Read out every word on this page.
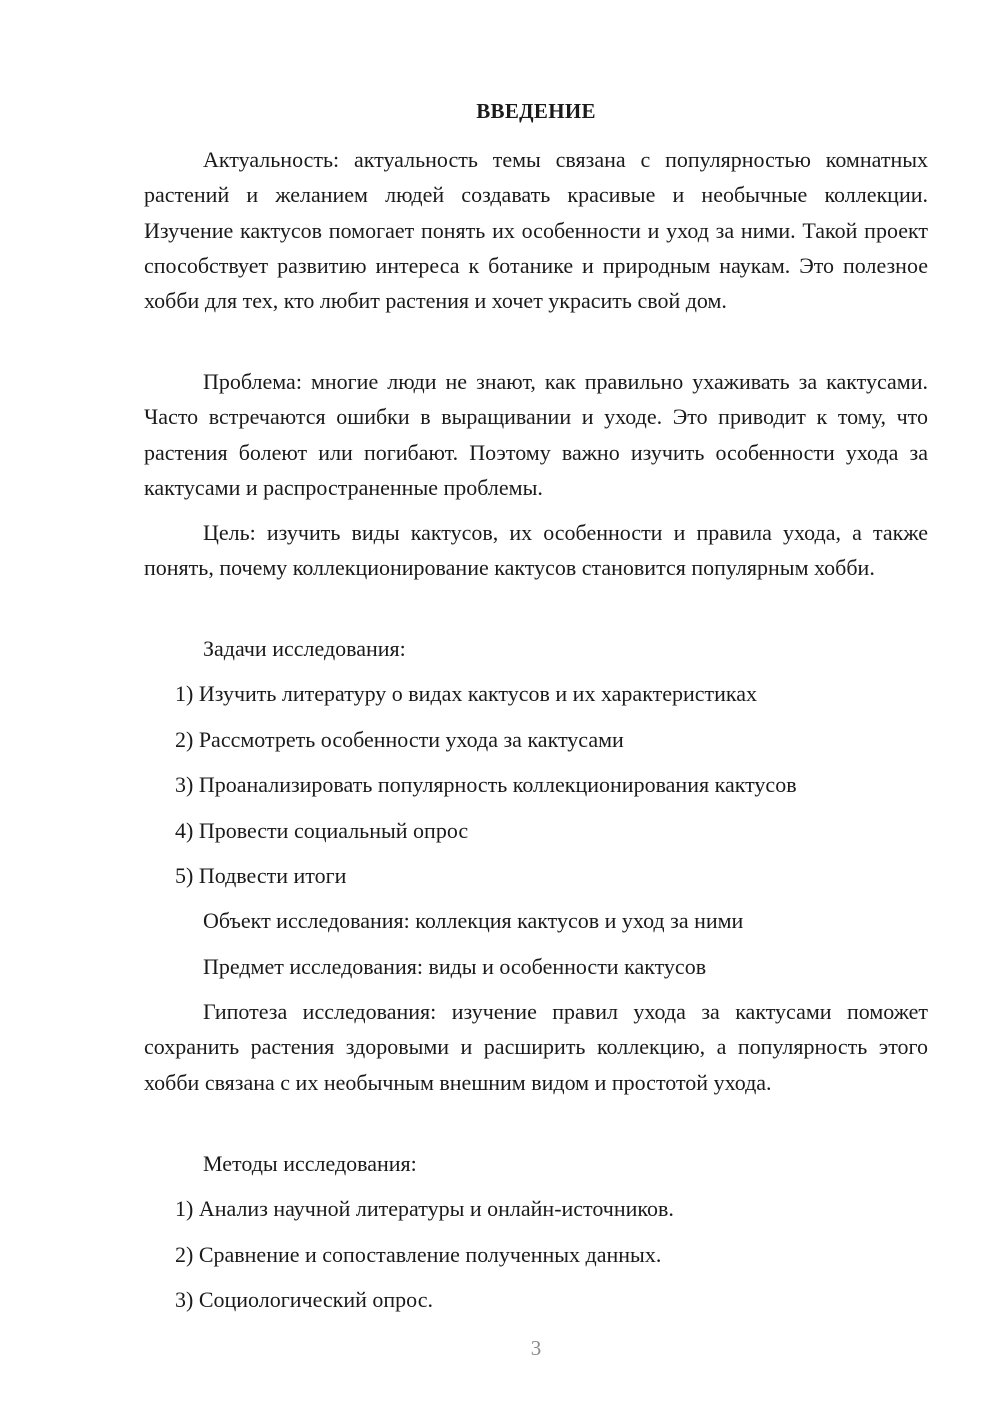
ВВЕДЕНИЕ

Актуальность: актуальность темы связана с популярностью комнатных растений и желанием людей создавать красивые и необычные коллекции. Изучение кактусов помогает понять их особенности и уход за ними. Такой проект способствует развитию интереса к ботанике и природным наукам. Это полезное хобби для тех, кто любит растения и хочет украсить свой дом.

Проблема: многие люди не знают, как правильно ухаживать за кактусами. Часто встречаются ошибки в выращивании и уходе. Это приводит к тому, что растения болеют или погибают. Поэтому важно изучить особенности ухода за кактусами и распространенные проблемы.

Цель: изучить виды кактусов, их особенности и правила ухода, а также понять, почему коллекционирование кактусов становится популярным хобби.

Задачи исследования:
1) Изучить литературу о видах кактусов и их характеристиках
2) Рассмотреть особенности ухода за кактусами
3) Проанализировать популярность коллекционирования кактусов
4) Провести социальный опрос
5) Подвести итоги
Объект исследования: коллекция кактусов и уход за ними
Предмет исследования: виды и особенности кактусов

Гипотеза исследования: изучение правил ухода за кактусами поможет сохранить растения здоровыми и расширить коллекцию, а популярность этого хобби связана с их необычным внешним видом и простотой ухода.

Методы исследования:
1) Анализ научной литературы и онлайн-источников.
2) Сравнение и сопоставление полученных данных.
3) Социологический опрос.
3
